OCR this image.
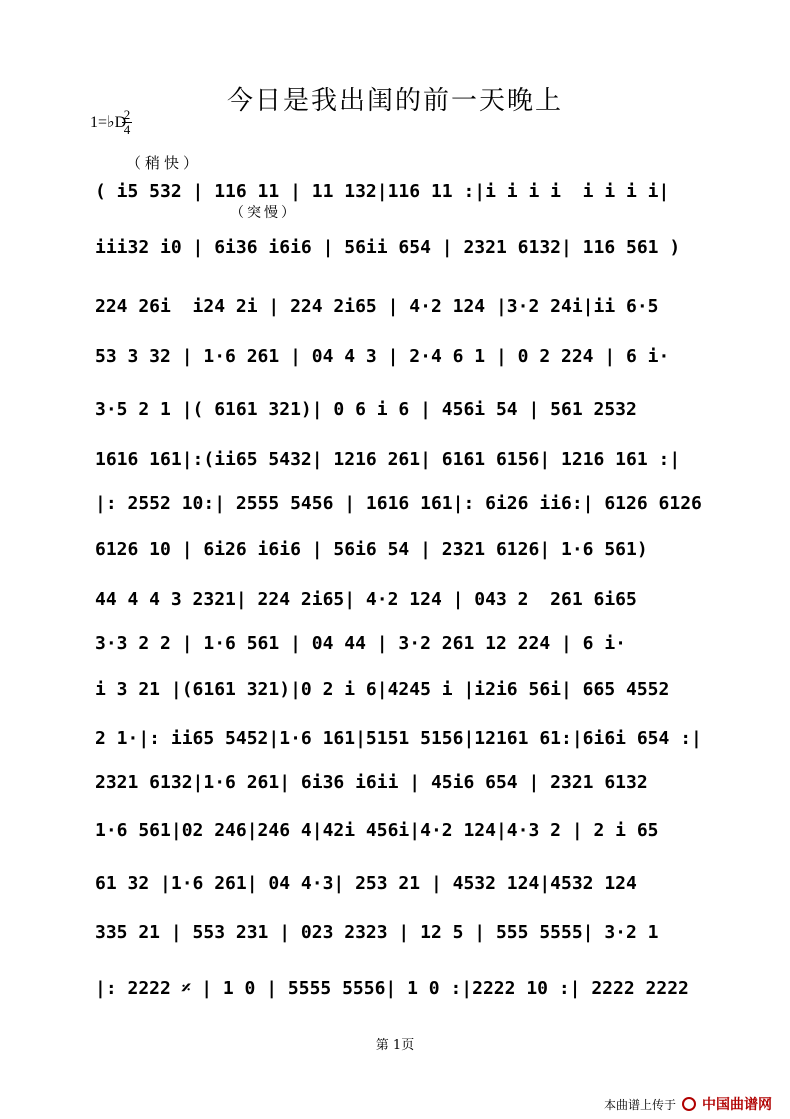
今日是我出闺的前一天晚上
1=♭D
2
4
（稍快）
（突慢）
( i5 532 | 116 11 | 11 132|116 11 :|i i i i  i i i i|
iii32 i0 | 6i36 i6i6 | 56ii 654 | 2321 6132| 116 561 )
224 26i  i24 2i | 224 2i65 | 4·2 124 |3·2 24i|ii 6·5
53 3 32 | 1·6 261 | 04 4 3 | 2·4 6 1 | 0 2 224 | 6 i·
3·5 2 1 |( 6161 321)| 0 6 i 6 | 456i 54 | 561 2532
1616 161|:(ii65 5432| 1216 261| 6161 6156| 1216 161 :|
|: 2552 10:| 2555 5456 | 1616 161|: 6i26 ii6:| 6126 6126
6126 10 | 6i26 i6i6 | 56i6 54 | 2321 6126| 1·6 561)
44 4 4 3 2321| 224 2i65| 4·2 124 | 043 2  261 6i65
3·3 2 2 | 1·6 561 | 04 44 | 3·2 261 12 224 | 6 i·
i 3 21 |(6161 321)|0 2 i 6|4245 i |i2i6 56i| 665 4552
2 1·|: ii65 5452|1·6 161|5151 5156|12161 61:|6i6i 654 :|
2321 6132|1·6 261| 6i36 i6ii | 45i6 654 | 2321 6132
1·6 561|02 246|246 4|42i 456i|4·2 124|4·3 2 | 2 i 65
61 32 |1·6 261| 04 4·3| 253 21 | 4532 124|4532 124
335 21 | 553 231 | 023 2323 | 12 5 | 555 5555| 3·2 1
|: 2222 𝄎 | 1 0 | 5555 5556| 1 0 :|2222 10 :| 2222 2222
第 1页
本曲谱上传于 中国曲谱网
